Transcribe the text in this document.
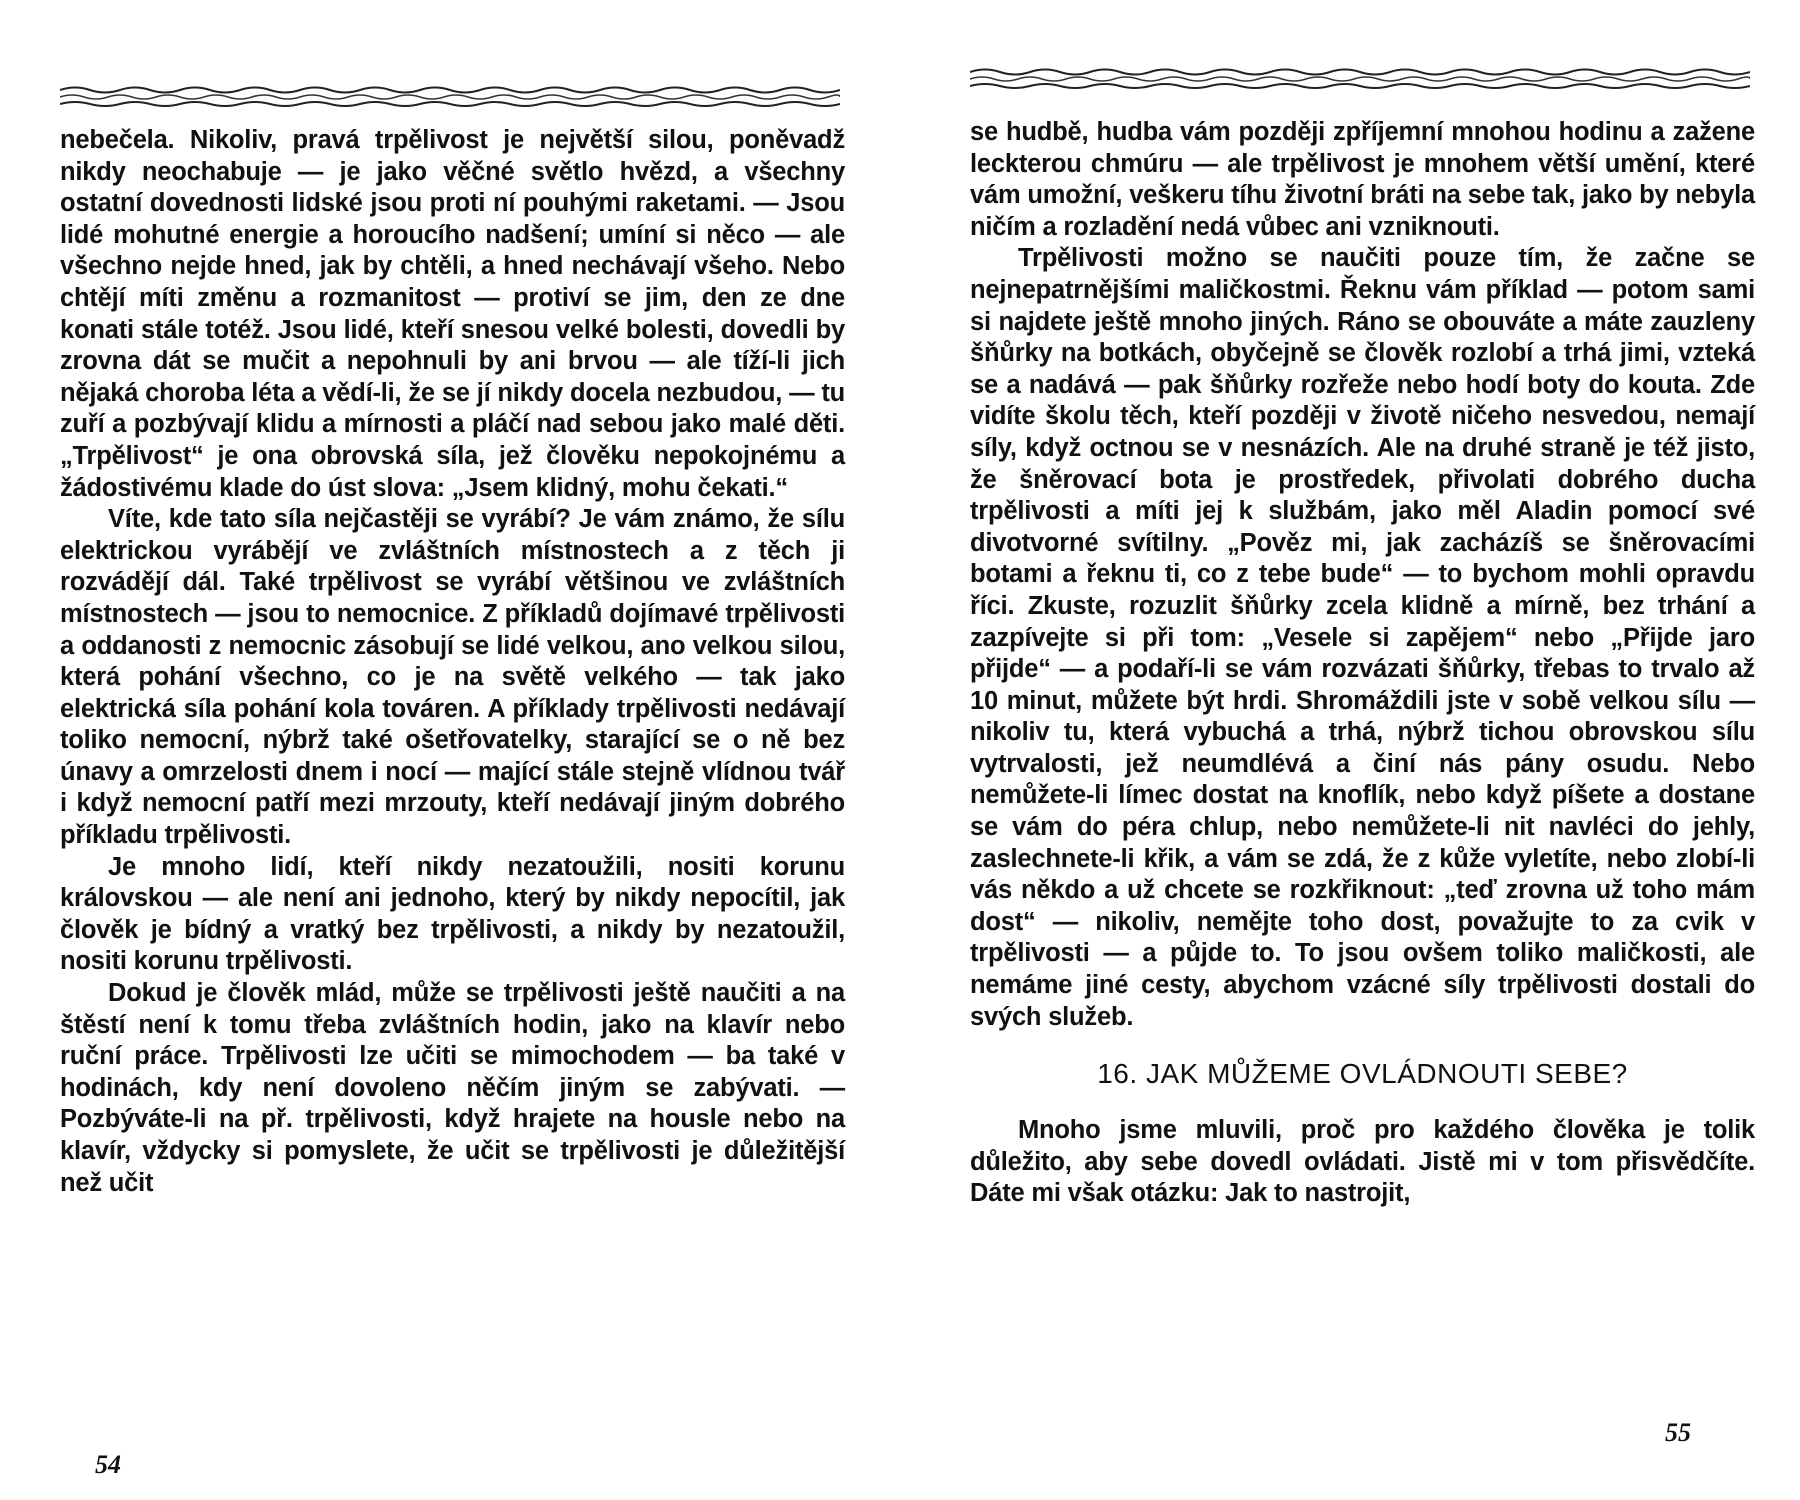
nebečela. Nikoliv, pravá trpělivost je největší silou, poněvadž nikdy neochabuje — je jako věčné světlo hvězd, a všechny ostatní dovednosti lidské jsou proti ní pouhými raketami. — Jsou lidé mohutné energie a horoucího nadšení; umíní si něco — ale všechno nejde hned, jak by chtěli, a hned nechávají všeho. Nebo chtějí míti změnu a rozmanitost — protiví se jim, den ze dne konati stále totéž. Jsou lidé, kteří snesou velké bolesti, dovedli by zrovna dát se mučit a nepohnuli by ani brvou — ale tíží-li jich nějaká choroba léta a vědí-li, že se jí nikdy docela nezbudou, — tu zuří a pozbývají klidu a mírnosti a pláčí nad sebou jako malé děti. „Trpělivost“ je ona obrovská síla, jež člověku nepokojnému a žádostivému klade do úst slova: „Jsem klidný, mohu čekati.“

Víte, kde tato síla nejčastěji se vyrábí? Je vám známo, že sílu elektrickou vyrábějí ve zvláštních místnostech a z těch ji rozvádějí dál. Také trpělivost se vyrábí většinou ve zvláštních místnostech — jsou to nemocnice. Z příkladů dojímavé trpělivosti a oddanosti z nemocnic zásobují se lidé velkou, ano velkou silou, která pohání všechno, co je na světě velkého — tak jako elektrická síla pohání kola továren. A příklady trpělivosti nedávají toliko nemocní, nýbrž také ošetřovatelky, starající se o ně bez únavy a omrzelosti dnem i nocí — mající stále stejně vlídnou tvář i když nemocní patří mezi mrzouty, kteří nedávají jiným dobrého příkladu trpělivosti.

Je mnoho lidí, kteří nikdy nezatoužili, nositi korunu královskou — ale není ani jednoho, který by nikdy nepocítil, jak člověk je bídný a vratký bez trpělivosti, a nikdy by nezatoužil, nositi korunu trpělivosti.

Dokud je člověk mlád, může se trpělivosti ještě naučiti a na štěstí není k tomu třeba zvláštních hodin, jako na klavír nebo ruční práce. Trpělivosti lze učiti se mimochodem — ba také v hodinách, kdy není dovoleno něčím jiným se zabývati. — Pozbýváte-li na př. trpělivosti, když hrajete na housle nebo na klavír, vždycky si pomyslete, že učit se trpělivosti je důležitější než učit

54

se hudbě, hudba vám později zpříjemní mnohou hodinu a zažene leckterou chmúru — ale trpělivost je mnohem větší umění, které vám umožní, veškeru tíhu životní bráti na sebe tak, jako by nebyla ničím a rozladění nedá vůbec ani vzniknouti.

Trpělivosti možno se naučiti pouze tím, že začne se nejnepatrnějšími maličkostmi. Řeknu vám příklad — potom sami si najdete ještě mnoho jiných. Ráno se obouváte a máte zauzleny šňůrky na botkách, obyčejně se člověk rozlobí a trhá jimi, vzteká se a nadává — pak šňůrky rozřeže nebo hodí boty do kouta. Zde vidíte školu těch, kteří později v životě ničeho nesvedou, nemají síly, když octnou se v nesnázích. Ale na druhé straně je též jisto, že šněrovací bota je prostředek, přivolati dobrého ducha trpělivosti a míti jej k službám, jako měl Aladin pomocí své divotvorné svítilny. „Pověz mi, jak zacházíš se šněrovacími botami a řeknu ti, co z tebe bude“ — to bychom mohli opravdu říci. Zkuste, rozuzlit šňůrky zcela klidně a mírně, bez trhání a zazpívejte si při tom: „Vesele si zapějem“ nebo „Přijde jaro přijde“ — a podaří-li se vám rozvázati šňůrky, třebas to trvalo až 10 minut, můžete být hrdi. Shromáždili jste v sobě velkou sílu — nikoliv tu, která vybuchá a trhá, nýbrž tichou obrovskou sílu vytrvalosti, jež neumdlévá a činí nás pány osudu. Nebo nemůžete-li límec dostat na knoflík, nebo když píšete a dostane se vám do péra chlup, nebo nemůžete-li nit navléci do jehly, zaslechnete-li křik, a vám se zdá, že z kůže vyletíte, nebo zlobí-li vás někdo a už chcete se rozkřiknout: „teď zrovna už toho mám dost“ — nikoliv, nemějte toho dost, považujte to za cvik v trpělivosti — a půjde to. To jsou ovšem toliko maličkosti, ale nemáme jiné cesty, abychom vzácné síly trpělivosti dostali do svých služeb.

16. JAK MŮŽEME OVLÁDNOUTI SEBE?

Mnoho jsme mluvili, proč pro každého člověka je tolik důležito, aby sebe dovedl ovládati. Jistě mi v tom přisvědčíte. Dáte mi však otázku: Jak to nastrojit,

55
